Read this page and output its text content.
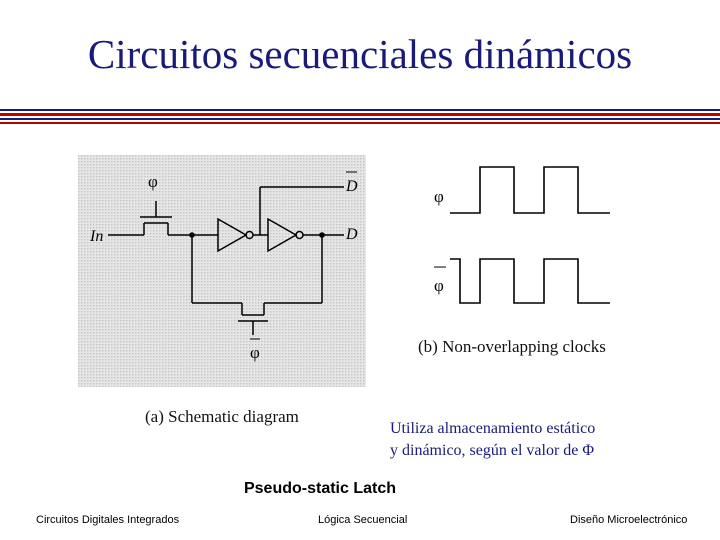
Circuitos secuenciales dinámicos
φ
φ
In
D
D
(a) Schematic diagram
φ
φ
(b) Non-overlapping clocks
Utiliza almacenamiento estático
y dinámico, según el valor de Φ
Pseudo-static Latch
Circuitos Digitales Integrados	Lógica Secuencial	Diseño Microelectrónico
